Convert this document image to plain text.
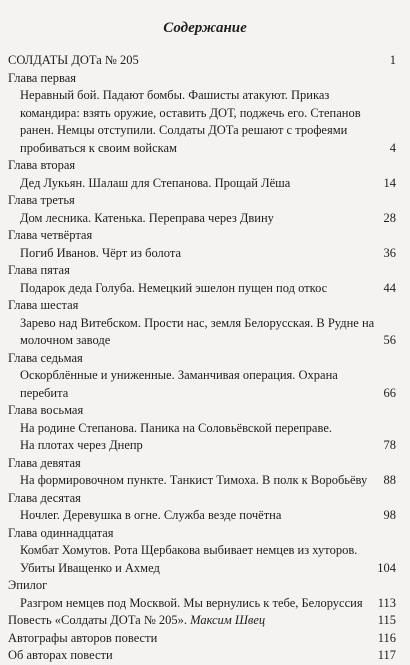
Содержание
СОЛДАТЫ ДОТа № 205	1
Глава первая
Неравный бой. Падают бомбы. Фашисты атакуют. Приказ
командира: взять оружие, оставить ДОТ, поджечь его. Степанов
ранен. Немцы отступили. Солдаты ДОТа решают с трофеями
пробиваться к своим войскам	4
Глава вторая
Дед Лукьян. Шалаш для Степанова. Прощай Лёша	14
Глава третья
Дом лесника. Катенька. Переправа через Двину	28
Глава четвёртая
Погиб Иванов. Чёрт из болота	36
Глава пятая
Подарок деда Голуба. Немецкий эшелон пущен под откос	44
Глава шестая
Зарево над Витебском. Прости нас, земля Белорусская. В Рудне на
молочном заводе	56
Глава седьмая
Оскорблённые и униженные. Заманчивая операция. Охрана
перебита	66
Глава восьмая
На родине Степанова. Паника на Соловьёвской переправе.
На плотах через Днепр	78
Глава девятая
На формировочном пункте. Танкист Тимоха. В полк к Воробьёву 88
Глава десятая
Ночлег. Деревушка в огне. Служба везде почётна	98
Глава одиннадцатая
Комбат Хомутов. Рота Щербакова выбивает немцев из хуторов.
Убиты Иващенко и Ахмед	104
Эпилог
Разгром немцев под Москвой. Мы вернулись к тебе, Белоруссия 113
Повесть «Солдаты ДОТа № 205». Максим Швец	115
Автографы авторов повести	116
Об авторах повести	117
